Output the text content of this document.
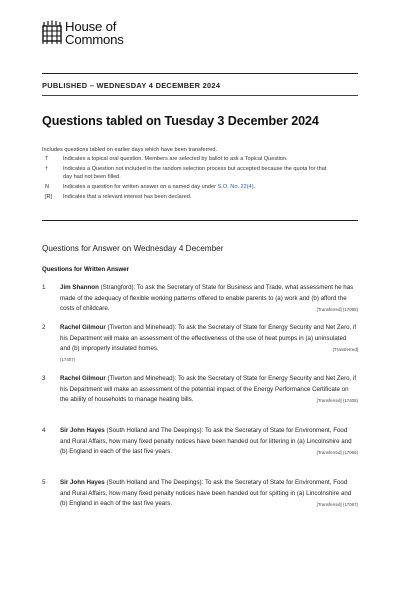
House of
Commons
PUBLISHED – WEDNESDAY 4 DECEMBER 2024
Questions tabled on Tuesday 3 December 2024
Includes questions tabled on earlier days which have been transferred.
T	Indicates a topical oral question. Members are selected by ballot to ask a Topical Question.
†	Indicates a Question not included in the random selection process but accepted because the quota for that day had not been filled.
N	Indicates a question for written answer on a named day under S.O. No. 22(4).
[R]	Indicates that a relevant interest has been declared.
Questions for Answer on Wednesday 4 December
Questions for Written Answer
1 Jim Shannon (Strangford): To ask the Secretary of State for Business and Trade, what assessment he has made of the adequacy of flexible working patterns offered to enable parents to (a) work and (b) afford the costs of childcare.	[Transferred] (17095)
2 Rachel Gilmour (Tiverton and Minehead): To ask the Secretary of State for Energy Security and Net Zero, if his Department will make an assessment of the effectiveness of the use of heat pumps in (a) uninsulated and (b) improperly insulated homes.	[Transferred]

(17407)
3 Rachel Gilmour (Tiverton and Minehead): To ask the Secretary of State for Energy Security and Net Zero, if his Department will make an assessment of the potential impact of the Energy Performance Certificate on the ability of households to manage heating bills.	[Transferred] (17408)
4 Sir John Hayes (South Holland and The Deepings): To ask the Secretary of State for Environment, Food and Rural Affairs, how many fixed penalty notices have been handed out for littering in (a) Lincolnshire and (b) England in each of the last five years.	[Transferred] (17066)
5 Sir John Hayes (South Holland and The Deepings): To ask the Secretary of State for Environment, Food and Rural Affairs, how many fixed penalty notices have been handed out for spitting in (a) Lincolnshire and (b) England in each of the last five years.	[Transferred] (17067)
